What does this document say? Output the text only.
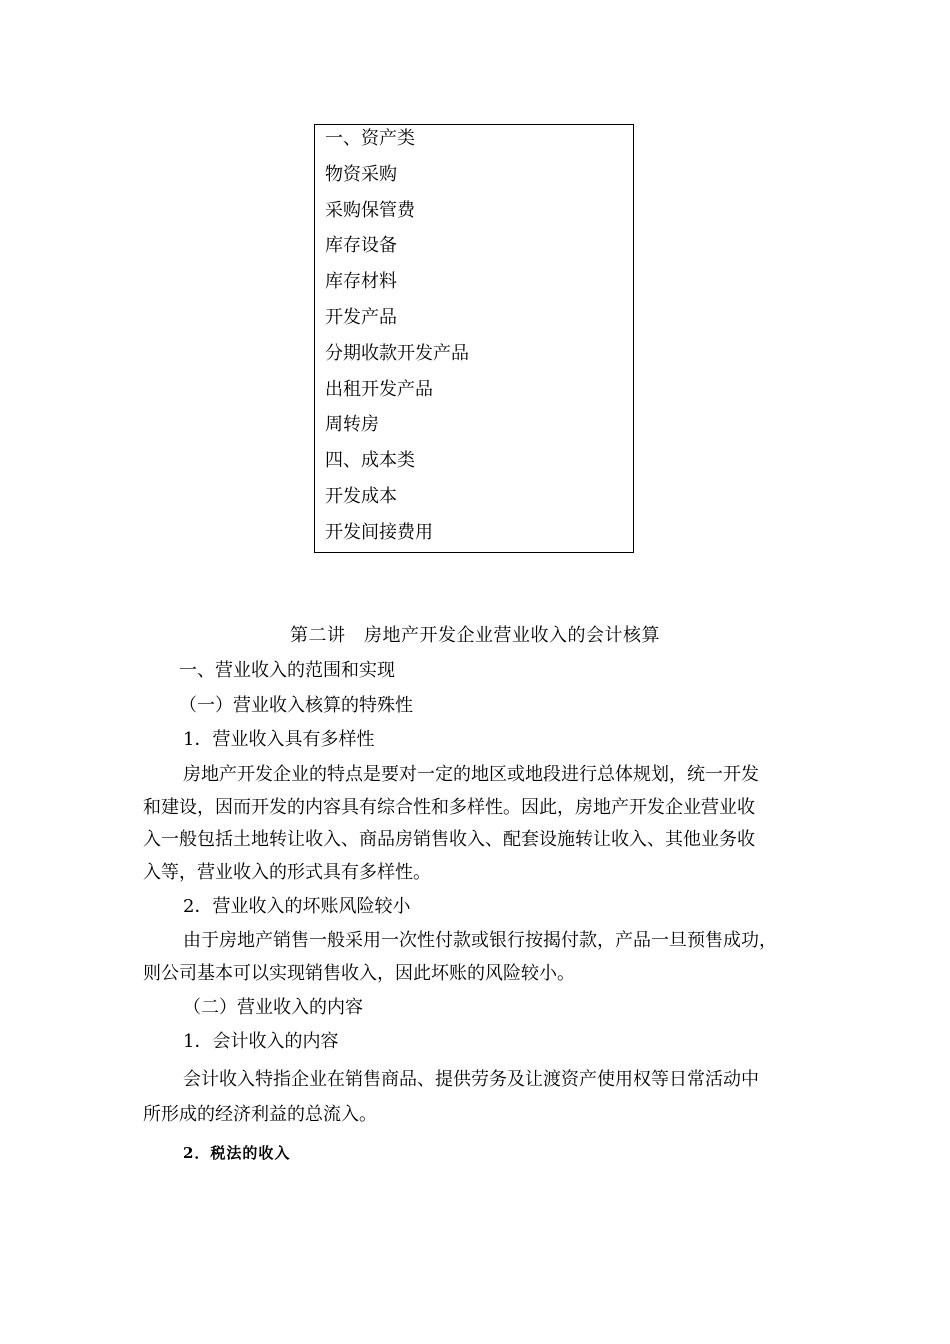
一、资产类
物资采购
采购保管费
库存设备
库存材料
开发产品
分期收款开发产品
出租开发产品
周转房
四、成本类
开发成本
开发间接费用
第二讲　房地产开发企业营业收入的会计核算
一、营业收入的范围和实现
（一）营业收入核算的特殊性
1．营业收入具有多样性
房地产开发企业的特点是要对一定的地区或地段进行总体规划，统一开发
和建设，因而开发的内容具有综合性和多样性。因此，房地产开发企业营业收
入一般包括土地转让收入、商品房销售收入、配套设施转让收入、其他业务收
入等，营业收入的形式具有多样性。
2．营业收入的坏账风险较小
由于房地产销售一般采用一次性付款或银行按揭付款，产品一旦预售成功，
则公司基本可以实现销售收入，因此坏账的风险较小。
（二）营业收入的内容
1．会计收入的内容
会计收入特指企业在销售商品、提供劳务及让渡资产使用权等日常活动中
所形成的经济利益的总流入。
2．税法的收入
